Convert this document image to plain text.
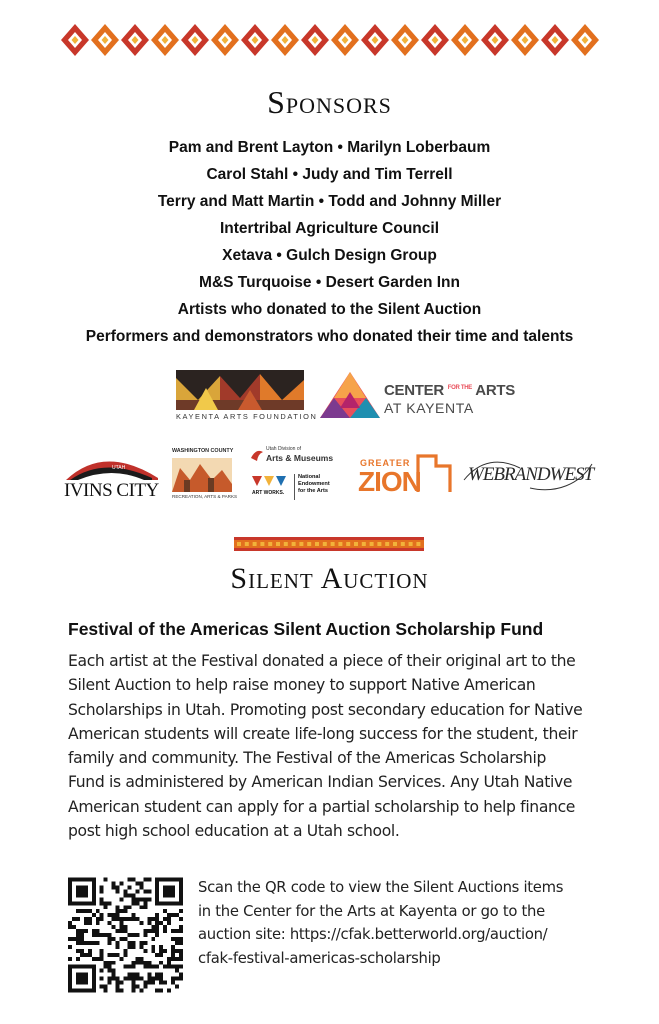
Sponsors
Pam and Brent Layton • Marilyn Loberbaum
Carol Stahl • Judy and Tim Terrell
Terry and Matt Martin • Todd and Johnny Miller
Intertribal Agriculture Council
Xetava • Gulch Design Group
M&S Turquoise • Desert Garden Inn
Artists who donated to the Silent Auction
Performers and demonstrators who donated their time and talents
KAYENTA ARTS FOUNDATION
CENTER $^{FOR THE}$ ARTS
AT KAYENTA
UTAH
IVINS CITY
WASHINGTON COUNTY
RECREATION, ARTS & PARKS
Utah Division of
Arts & Museums
ART WORKS.
National
Endowment
for the Arts
GREATER
ZION WEBRANDWEST
Silent Auction
Festival of the Americas Silent Auction Scholarship Fund
Each artist at the Festival donated a piece of their original art to the
Silent Auction to help raise money to support Native American
Scholarships in Utah. Promoting post secondary education for Native
American students will create life-long success for the student, their
family and community. The Festival of the Americas Scholarship
Fund is administered by American Indian Services. Any Utah Native
American student can apply for a partial scholarship to help finance
post high school education at a Utah school.
Scan the QR code to view the Silent Auctions items
in the Center for the Arts at Kayenta or go to the
auction site: https://cfak.betterworld.org/auction/
cfak-festival-americas-scholarship
